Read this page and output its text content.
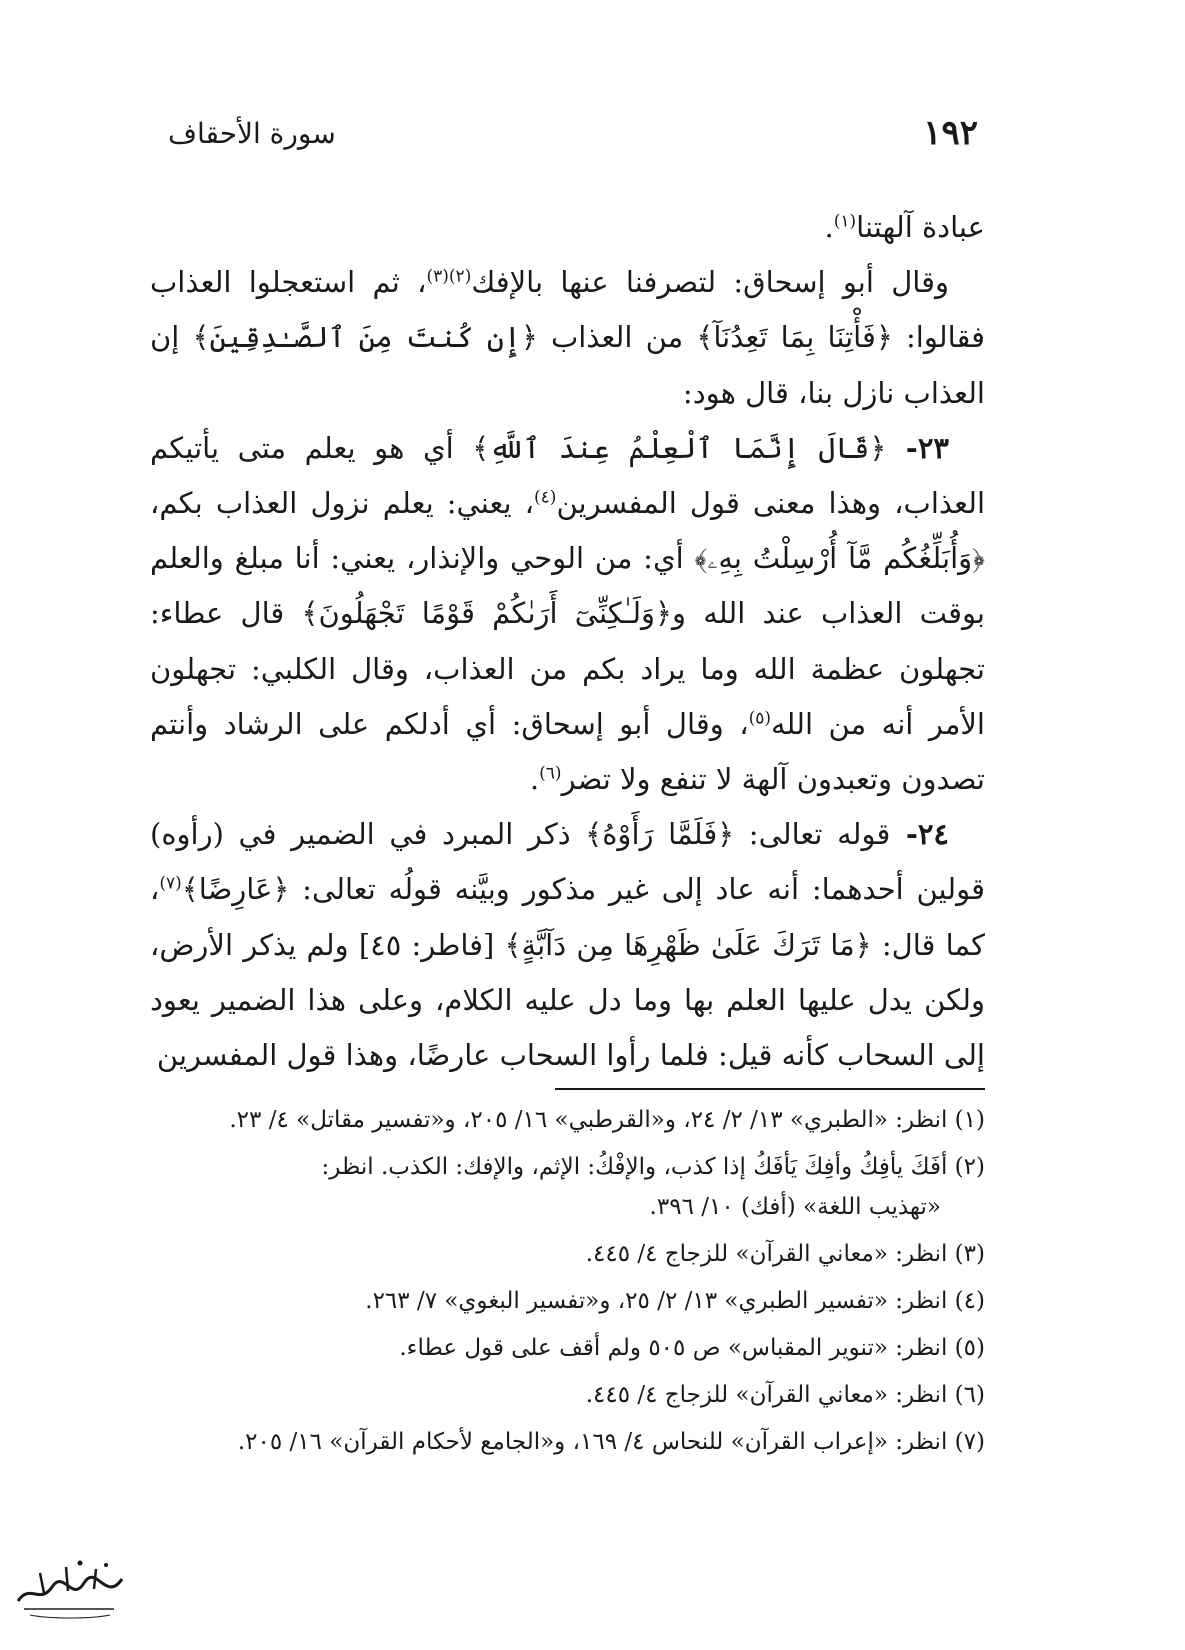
١٩٢
سورة الأحقاف

عبادة آلهتنا$^{(١)}$.

وقال أبو إسحاق: لتصرفنا عنها بالإفك$^{(٢)(٣)}$، ثم استعجلوا العذاب فقالوا: ﴿فَأْتِنَا بِمَا تَعِدُنَآ﴾ من العذاب ﴿إِن كُنتَ مِنَ ٱلصَّـٰدِقِينَ﴾ إن العذاب نازل بنا، قال هود:

٢٣- ﴿قَالَ إِنَّمَا ٱلْعِلْمُ عِندَ ٱللَّهِ﴾ أي هو يعلم متى يأتيكم العذاب، وهذا معنى قول المفسرين$^{(٤)}$، يعني: يعلم نزول العذاب بكم، ﴿وَأُبَلِّغُكُم مَّآ أُرْسِلْتُ بِهِۦ﴾ أي: من الوحي والإنذار، يعني: أنا مبلغ والعلم بوقت العذاب عند الله و﴿وَلَـٰكِنِّىٓ أَرَىٰكُمْ قَوْمًا تَجْهَلُونَ﴾ قال عطاء: تجهلون عظمة الله وما يراد بكم من العذاب، وقال الكلبي: تجهلون الأمر أنه من الله$^{(٥)}$، وقال أبو إسحاق: أي أدلكم على الرشاد وأنتم تصدون وتعبدون آلهة لا تنفع ولا تضر$^{(٦)}$.

٢٤- قوله تعالى: ﴿فَلَمَّا رَأَوْهُ﴾ ذكر المبرد في الضمير في (رأوه) قولين أحدهما: أنه عاد إلى غير مذكور وبيَّنه قولُه تعالى: ﴿عَارِضًا﴾$^{(٧)}$، كما قال: ﴿مَا تَرَكَ عَلَىٰ ظَهْرِهَا مِن دَآبَّةٍ﴾ [فاطر: ٤٥] ولم يذكر الأرض، ولكن يدل عليها العلم بها وما دل عليه الكلام، وعلى هذا الضمير يعود إلى السحاب كأنه قيل: فلما رأوا السحاب عارضًا، وهذا قول المفسرين

(١) انظر: «الطبري» ١٣/ ٢/ ٢٤، و«القرطبي» ١٦/ ٢٠٥، و«تفسير مقاتل» ٤/ ٢٣.
(٢) أفَكَ يأفِكُ وأفِكَ يَأفَكُ إذا كذب، والإفْكُ: الإثم، والإفك: الكذب. انظر:
«تهذيب اللغة» (أفك) ١٠/ ٣٩٦.
(٣) انظر: «معاني القرآن» للزجاج ٤/ ٤٤٥.
(٤) انظر: «تفسير الطبري» ١٣/ ٢/ ٢٥، و«تفسير البغوي» ٧/ ٢٦٣.
(٥) انظر: «تنوير المقباس» ص ٥٠٥ ولم أقف على قول عطاء.
(٦) انظر: «معاني القرآن» للزجاج ٤/ ٤٤٥.
(٧) انظر: «إعراب القرآن» للنحاس ٤/ ١٦٩، و«الجامع لأحكام القرآن» ١٦/ ٢٠٥.
